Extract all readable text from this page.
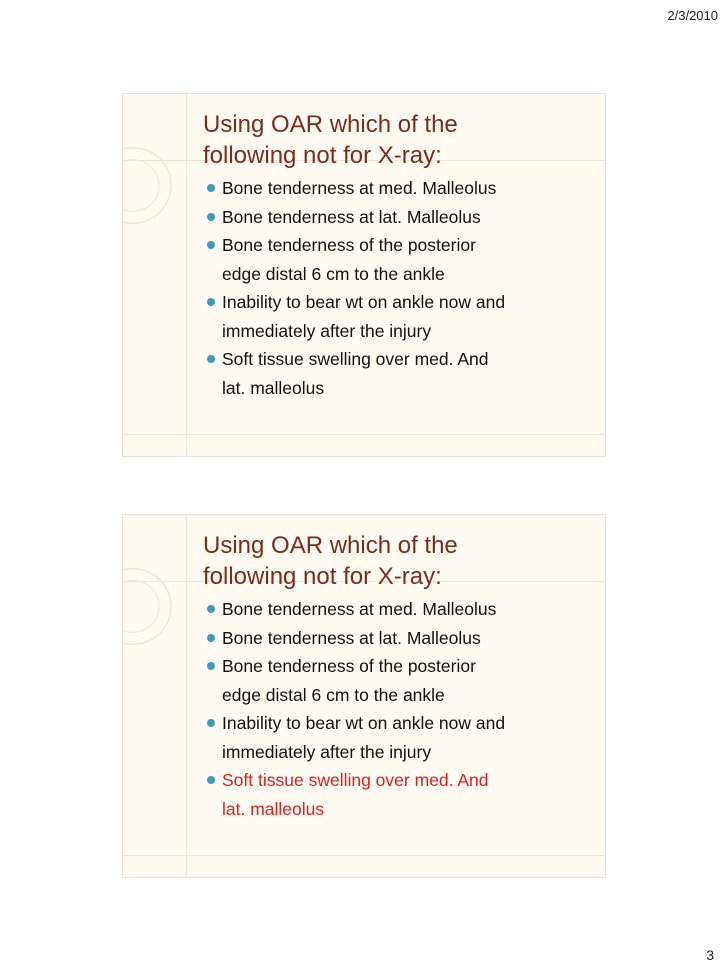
2/3/2010
Using OAR which of the
following not for X-ray:
Bone tenderness at med. Malleolus
Bone tenderness at lat. Malleolus
Bone tenderness of the posterior
edge distal 6 cm to the ankle
Inability to bear wt on ankle now and
immediately after the injury
Soft tissue swelling over med. And
lat. malleolus
Using OAR which of the
following not for X-ray:
Bone tenderness at med. Malleolus
Bone tenderness at lat. Malleolus
Bone tenderness of the posterior
edge distal 6 cm to the ankle
Inability to bear wt on ankle now and
immediately after the injury
Soft tissue swelling over med. And
lat. malleolus
3
